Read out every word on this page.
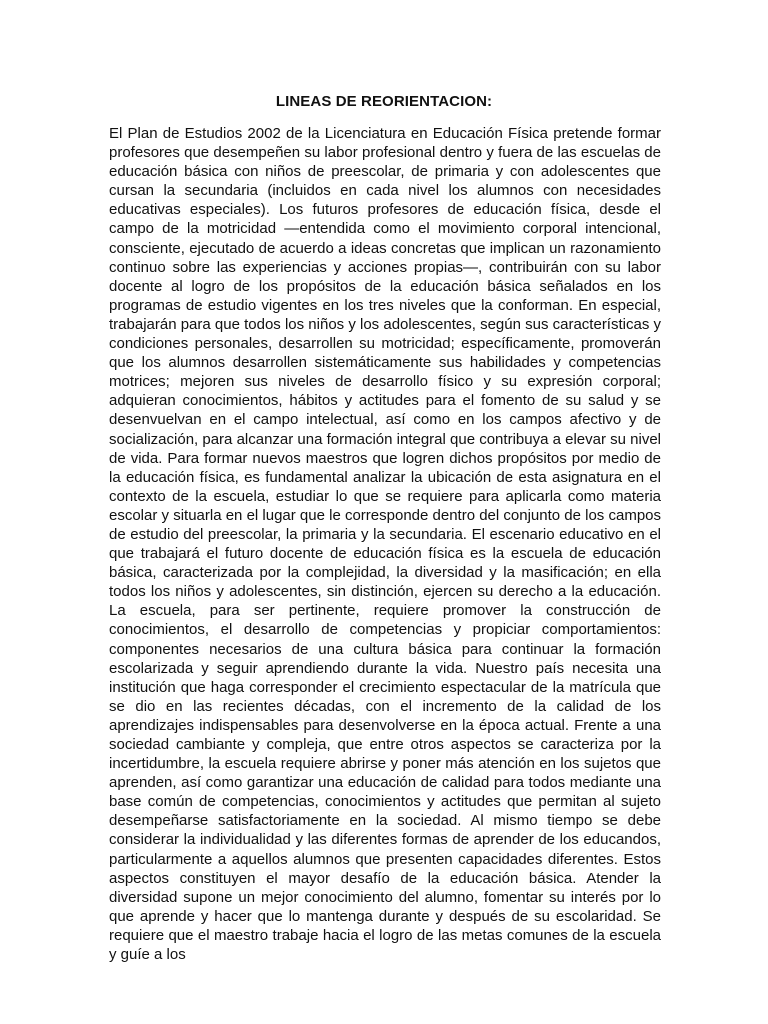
LINEAS DE REORIENTACION:

El Plan de Estudios 2002 de la Licenciatura en Educación Física pretende formar profesores que desempeñen su labor profesional dentro y fuera de las escuelas de educación básica con niños de preescolar, de primaria y con adolescentes que cursan la secundaria (incluidos en cada nivel los alumnos con necesidades educativas especiales). Los futuros profesores de educación física, desde el campo de la motricidad —entendida como el movimiento corporal intencional, consciente, ejecutado de acuerdo a ideas concretas que implican un razonamiento continuo sobre las experiencias y acciones propias—, contribuirán con su labor docente al logro de los propósitos de la educación básica señalados en los programas de estudio vigentes en los tres niveles que la conforman. En especial, trabajarán para que todos los niños y los adolescentes, según sus características y condiciones personales, desarrollen su motricidad; específicamente, promoverán que los alumnos desarrollen sistemáticamente sus habilidades y competencias motrices; mejoren sus niveles de desarrollo físico y su expresión corporal; adquieran conocimientos, hábitos y actitudes para el fomento de su salud y se desenvuelvan en el campo intelectual, así como en los campos afectivo y de socialización, para alcanzar una formación integral que contribuya a elevar su nivel de vida. Para formar nuevos maestros que logren dichos propósitos por medio de la educación física, es fundamental analizar la ubicación de esta asignatura en el contexto de la escuela, estudiar lo que se requiere para aplicarla como materia escolar y situarla en el lugar que le corresponde dentro del conjunto de los campos de estudio del preescolar, la primaria y la secundaria. El escenario educativo en el que trabajará el futuro docente de educación física es la escuela de educación básica, caracterizada por la complejidad, la diversidad y la masificación; en ella todos los niños y adolescentes, sin distinción, ejercen su derecho a la educación. La escuela, para ser pertinente, requiere promover la construcción de conocimientos, el desarrollo de competencias y propiciar comportamientos: componentes necesarios de una cultura básica para continuar la formación escolarizada y seguir aprendiendo durante la vida. Nuestro país necesita una institución que haga corresponder el crecimiento espectacular de la matrícula que se dio en las recientes décadas, con el incremento de la calidad de los aprendizajes indispensables para desenvolverse en la época actual. Frente a una sociedad cambiante y compleja, que entre otros aspectos se caracteriza por la incertidumbre, la escuela requiere abrirse y poner más atención en los sujetos que aprenden, así como garantizar una educación de calidad para todos mediante una base común de competencias, conocimientos y actitudes que permitan al sujeto desempeñarse satisfactoriamente en la sociedad. Al mismo tiempo se debe considerar la individualidad y las diferentes formas de aprender de los educandos, particularmente a aquellos alumnos que presenten capacidades diferentes. Estos aspectos constituyen el mayor desafío de la educación básica. Atender la diversidad supone un mejor conocimiento del alumno, fomentar su interés por lo que aprende y hacer que lo mantenga durante y después de su escolaridad. Se requiere que el maestro trabaje hacia el logro de las metas comunes de la escuela y guíe a los
